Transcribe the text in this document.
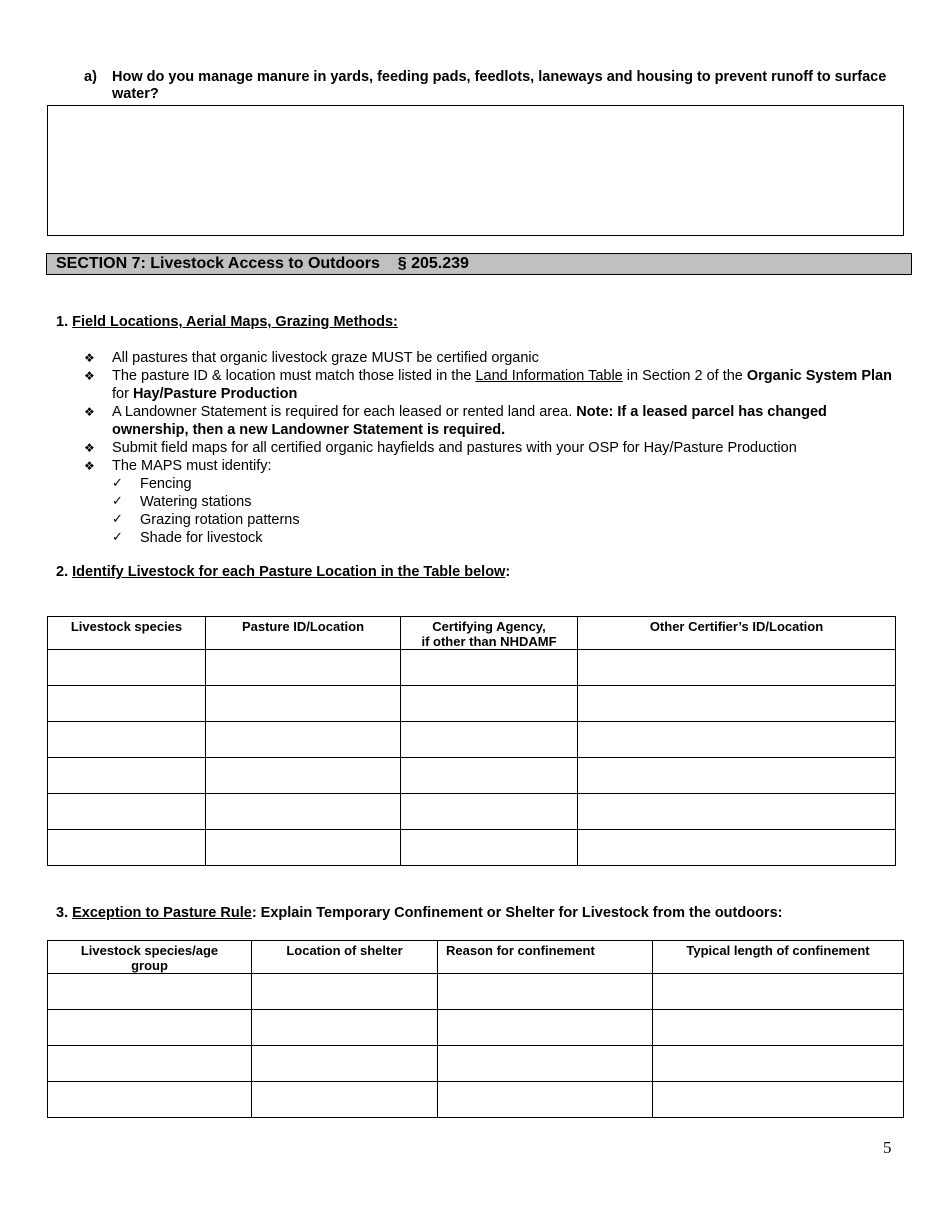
a) How do you manage manure in yards, feeding pads, feedlots, laneways and housing to prevent runoff to surface water?
SECTION 7: Livestock Access to Outdoors § 205.239
1. Field Locations, Aerial Maps, Grazing Methods:
❖ All pastures that organic livestock graze MUST be certified organic
❖ The pasture ID & location must match those listed in the Land Information Table in Section 2 of the Organic System Plan for Hay/Pasture Production
❖ A Landowner Statement is required for each leased or rented land area. Note: If a leased parcel has changed ownership, then a new Landowner Statement is required.
❖ Submit field maps for all certified organic hayfields and pastures with your OSP for Hay/Pasture Production
❖ The MAPS must identify:
✓ Fencing
✓ Watering stations
✓ Grazing rotation patterns
✓ Shade for livestock
2. Identify Livestock for each Pasture Location in the Table below:
Livestock species	Pasture ID/Location	Certifying Agency,
if other than NHDAMF	Other Certifier’s ID/Location

3. Exception to Pasture Rule: Explain Temporary Confinement or Shelter for Livestock from the outdoors:
Livestock species/age group	Location of shelter	Reason for confinement	Typical length of confinement

5
